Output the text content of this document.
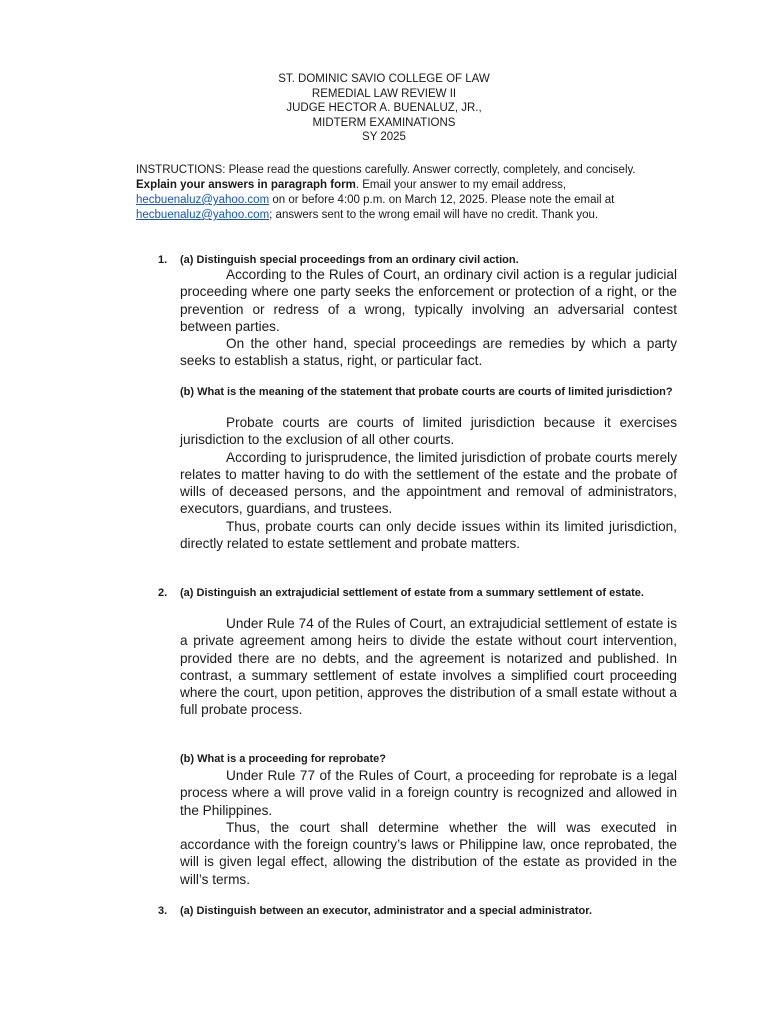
ST. DOMINIC SAVIO COLLEGE OF LAW
REMEDIAL LAW REVIEW II
JUDGE HECTOR A. BUENALUZ, JR.,
MIDTERM EXAMINATIONS
SY 2025
INSTRUCTIONS: Please read the questions carefully. Answer correctly, completely, and concisely. Explain your answers in paragraph form. Email your answer to my email address, hecbuenaluz@yahoo.com on or before 4:00 p.m. on March 12, 2025. Please note the email at hecbuenaluz@yahoo.com; answers sent to the wrong email will have no credit. Thank you.
1. (a) Distinguish special proceedings from an ordinary civil action.

According to the Rules of Court, an ordinary civil action is a regular judicial proceeding where one party seeks the enforcement or protection of a right, or the prevention or redress of a wrong, typically involving an adversarial contest between parties.

On the other hand, special proceedings are remedies by which a party seeks to establish a status, right, or particular fact.

(b) What is the meaning of the statement that probate courts are courts of limited jurisdiction?

Probate courts are courts of limited jurisdiction because it exercises jurisdiction to the exclusion of all other courts.

According to jurisprudence, the limited jurisdiction of probate courts merely relates to matter having to do with the settlement of the estate and the probate of wills of deceased persons, and the appointment and removal of administrators, executors, guardians, and trustees.

Thus, probate courts can only decide issues within its limited jurisdiction, directly related to estate settlement and probate matters.

2. (a) Distinguish an extrajudicial settlement of estate from a summary settlement of estate.

Under Rule 74 of the Rules of Court, an extrajudicial settlement of estate is a private agreement among heirs to divide the estate without court intervention, provided there are no debts, and the agreement is notarized and published. In contrast, a summary settlement of estate involves a simplified court proceeding where the court, upon petition, approves the distribution of a small estate without a full probate process.

(b) What is a proceeding for reprobate?

Under Rule 77 of the Rules of Court, a proceeding for reprobate is a legal process where a will prove valid in a foreign country is recognized and allowed in the Philippines.

Thus, the court shall determine whether the will was executed in accordance with the foreign country’s laws or Philippine law, once reprobated, the will is given legal effect, allowing the distribution of the estate as provided in the will’s terms.

3. (a) Distinguish between an executor, administrator and a special administrator.
